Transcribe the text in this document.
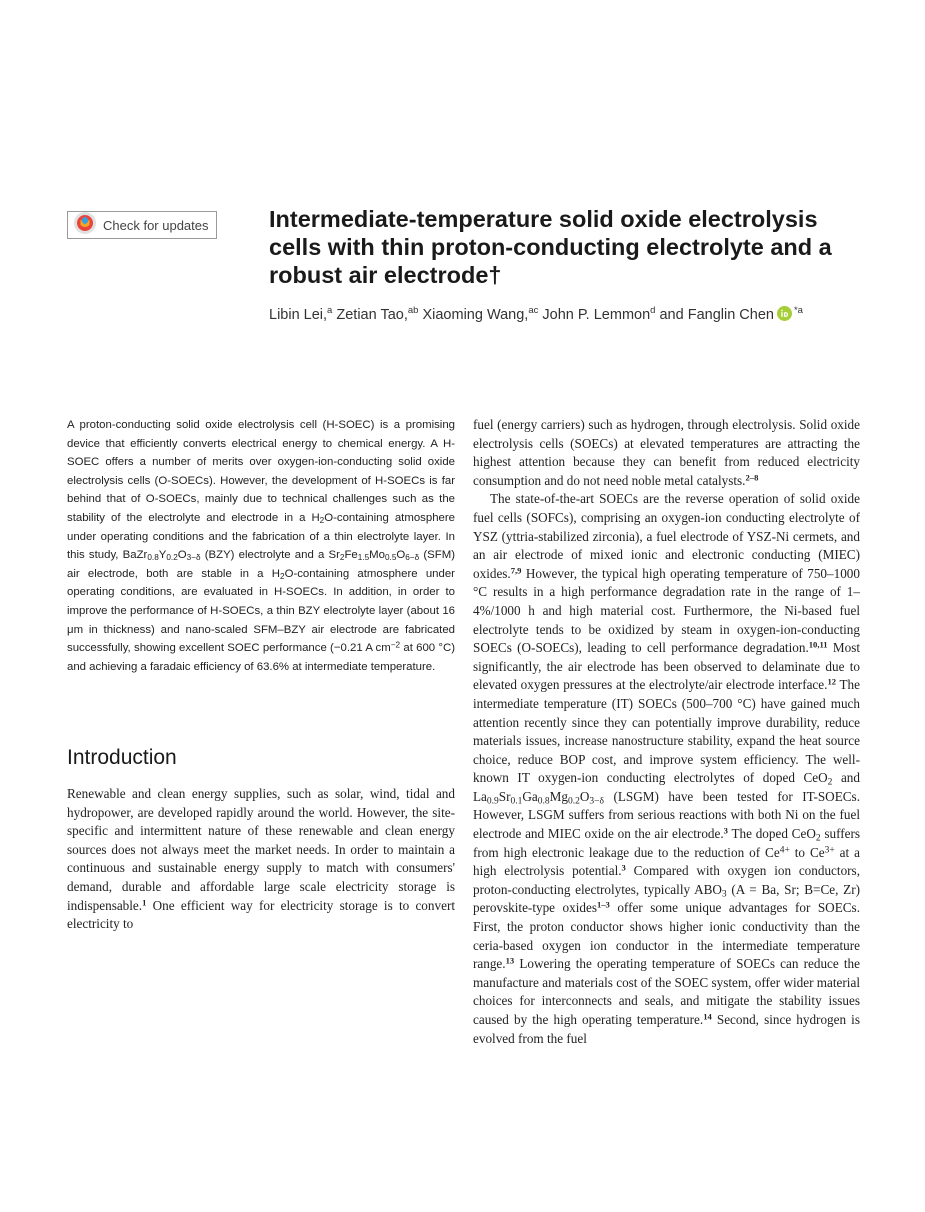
Check for updates	Intermediate-temperature solid oxide electrolysis cells with thin proton-conducting electrolyte and a robust air electrode†
Libin Lei,$^a$ Zetian Tao,$^{ab}$ Xiaoming Wang,$^{ac}$ John P. Lemmon$^d$ and Fanglin Chen $^{*a}$

A proton-conducting solid oxide electrolysis cell (H-SOEC) is a promising device that efficiently converts electrical energy to chemical energy. A H-SOEC offers a number of merits over oxygen-ion-conducting solid oxide electrolysis cells (O-SOECs). However, the development of H-SOECs is far behind that of O-SOECs, mainly due to technical challenges such as the stability of the electrolyte and electrode in a $H_2O$-containing atmosphere under operating conditions and the fabrication of a thin electrolyte layer. In this study, $BaZr_{0.8}Y_{0.2}O_{3-\delta}$ (BZY) electrolyte and a $Sr_2Fe_{1.5}Mo_{0.5}O_{6-\delta}$ (SFM) air electrode, both are stable in a $H_2O$-containing atmosphere under operating conditions, are evaluated in H-SOECs. In addition, in order to improve the performance of H-SOECs, a thin BZY electrolyte layer (about 16 μm in thickness) and nano-scaled SFM–BZY air electrode are fabricated successfully, showing excellent SOEC performance (−0.21 A $cm^{-2}$ at 600 °C) and achieving a faradaic efficiency of 63.6% at intermediate temperature.

Introduction

Renewable and clean energy supplies, such as solar, wind, tidal and hydropower, are developed rapidly around the world. However, the site-specific and intermittent nature of these renewable and clean energy sources does not always meet the market needs. In order to maintain a continuous and sustainable energy supply to match with consumers' demand, durable and affordable large scale electricity storage is indispensable.$^1$ One efficient way for electricity storage is to convert electricity to

fuel (energy carriers) such as hydrogen, through electrolysis. Solid oxide electrolysis cells (SOECs) at elevated temperatures are attracting the highest attention because they can benefit from reduced electricity consumption and do not need noble metal catalysts.$^{2-8}$

The state-of-the-art SOECs are the reverse operation of solid oxide fuel cells (SOFCs), comprising an oxygen-ion conducting electrolyte of YSZ (yttria-stabilized zirconia), a fuel electrode of YSZ-Ni cermets, and an air electrode of mixed ionic and electronic conducting (MIEC) oxides.$^{7,9}$ However, the typical high operating temperature of 750–1000 °C results in a high performance degradation rate in the range of 1–4%/1000 h and high material cost. Furthermore, the Ni-based fuel electrolyte tends to be oxidized by steam in oxygen-ion-conducting SOECs (O-SOECs), leading to cell performance degradation.$^{10,11}$ Most significantly, the air electrode has been observed to delaminate due to elevated oxygen pressures at the electrolyte/air electrode interface.$^{12}$ The intermediate temperature (IT) SOECs (500–700 °C) have gained much attention recently since they can potentially improve durability, reduce materials issues, increase nanostructure stability, expand the heat source choice, reduce BOP cost, and improve system efficiency. The well-known IT oxygen-ion conducting electrolytes of doped CeO$_2$ and $La_{0.9}Sr_{0.1}Ga_{0.8}Mg_{0.2}O_{3-\delta}$ (LSGM) have been tested for IT-SOECs. However, LSGM suffers from serious reactions with both Ni on the fuel electrode and MIEC oxide on the air electrode.$^3$ The doped CeO$_2$ suffers from high electronic leakage due to the reduction of $Ce^{4+}$ to $Ce^{3+}$ at a high electrolysis potential.$^3$ Compared with oxygen ion conductors, proton-conducting electrolytes, typically $ABO_3$ (A = Ba, Sr; B=Ce, Zr) perovskite-type oxides$^{1-3}$ offer some unique advantages for SOECs. First, the proton conductor shows higher ionic conductivity than the ceria-based oxygen ion conductor in the intermediate temperature range.$^{13}$ Lowering the operating temperature of SOECs can reduce the manufacture and materials cost of the SOEC system, offer wider material choices for interconnects and seals, and mitigate the stability issues caused by the high operating temperature.$^{14}$ Second, since hydrogen is evolved from the fuel
